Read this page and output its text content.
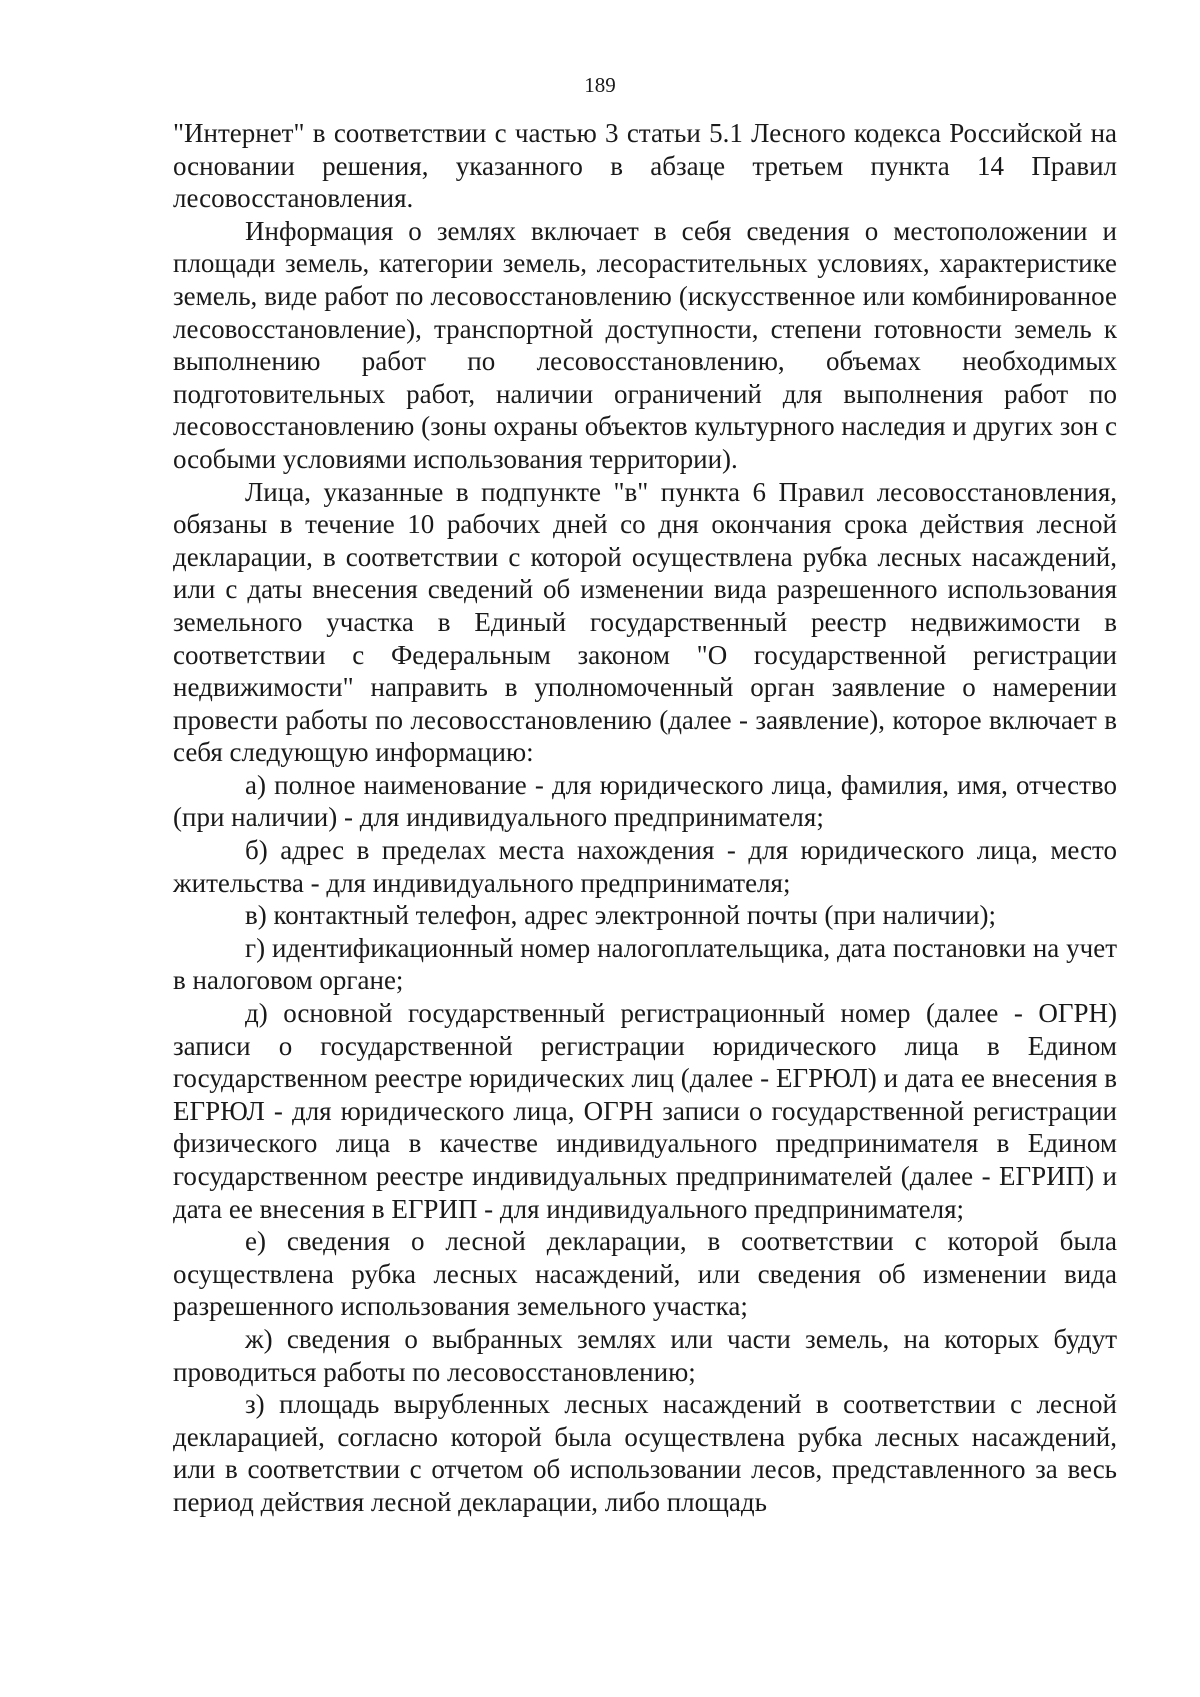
189

"Интернет" в соответствии с частью 3 статьи 5.1 Лесного кодекса Российской на основании решения, указанного в абзаце третьем пункта 14 Правил лесовосстановления.

Информация о землях включает в себя сведения о местоположении и площади земель, категории земель, лесорастительных условиях, характеристике земель, виде работ по лесовосстановлению (искусственное или комбинированное лесовосстановление), транспортной доступности, степени готовности земель к выполнению работ по лесовосстановлению, объемах необходимых подготовительных работ, наличии ограничений для выполнения работ по лесовосстановлению (зоны охраны объектов культурного наследия и других зон с особыми условиями использования территории).

Лица, указанные в подпункте "в" пункта 6 Правил лесовосстановления, обязаны в течение 10 рабочих дней со дня окончания срока действия лесной декларации, в соответствии с которой осуществлена рубка лесных насаждений, или с даты внесения сведений об изменении вида разрешенного использования земельного участка в Единый государственный реестр недвижимости в соответствии с Федеральным законом "О государственной регистрации недвижимости" направить в уполномоченный орган заявление о намерении провести работы по лесовосстановлению (далее - заявление), которое включает в себя следующую информацию:

а) полное наименование - для юридического лица, фамилия, имя, отчество (при наличии) - для индивидуального предпринимателя;

б) адрес в пределах места нахождения - для юридического лица, место жительства - для индивидуального предпринимателя;

в) контактный телефон, адрес электронной почты (при наличии);

г) идентификационный номер налогоплательщика, дата постановки на учет в налоговом органе;

д) основной государственный регистрационный номер (далее - ОГРН) записи о государственной регистрации юридического лица в Едином государственном реестре юридических лиц (далее - ЕГРЮЛ) и дата ее внесения в ЕГРЮЛ - для юридического лица, ОГРН записи о государственной регистрации физического лица в качестве индивидуального предпринимателя в Едином государственном реестре индивидуальных предпринимателей (далее - ЕГРИП) и дата ее внесения в ЕГРИП - для индивидуального предпринимателя;

е) сведения о лесной декларации, в соответствии с которой была осуществлена рубка лесных насаждений, или сведения об изменении вида разрешенного использования земельного участка;

ж) сведения о выбранных землях или части земель, на которых будут проводиться работы по лесовосстановлению;

з) площадь вырубленных лесных насаждений в соответствии с лесной декларацией, согласно которой была осуществлена рубка лесных насаждений, или в соответствии с отчетом об использовании лесов, представленного за весь период действия лесной декларации, либо площадь
